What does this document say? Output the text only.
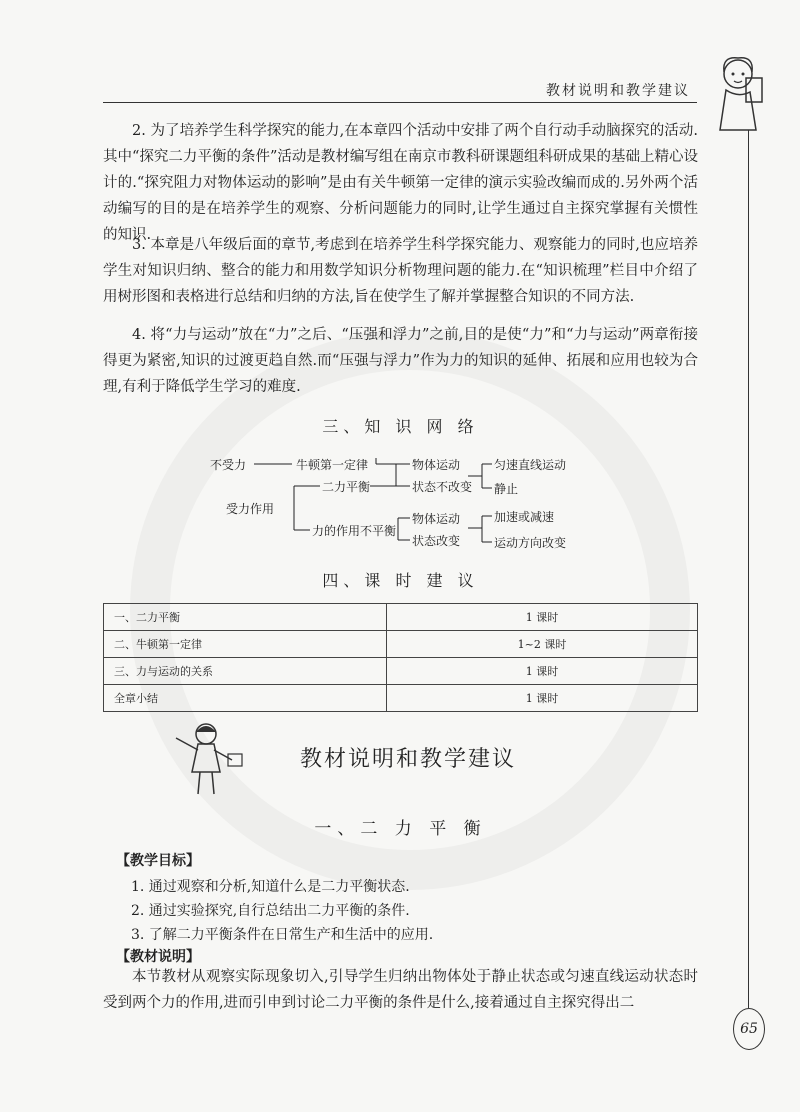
教材说明和教学建议

2. 为了培养学生科学探究的能力,在本章四个活动中安排了两个自行动手动脑探究的活动.其中“探究二力平衡的条件”活动是教材编写组在南京市教科研课题组科研成果的基础上精心设计的.“探究阻力对物体运动的影响”是由有关牛顿第一定律的演示实验改编而成的.另外两个活动编写的目的是在培养学生的观察、分析问题能力的同时,让学生通过自主探究掌握有关惯性的知识.

3. 本章是八年级后面的章节,考虑到在培养学生科学探究能力、观察能力的同时,也应培养学生对知识归纳、整合的能力和用数学知识分析物理问题的能力.在“知识梳理”栏目中介绍了用树形图和表格进行总结和归纳的方法,旨在使学生了解并掌握整合知识的不同方法.

4. 将“力与运动”放在“力”之后、“压强和浮力”之前,目的是使“力”和“力与运动”两章衔接得更为紧密,知识的过渡更趋自然.而“压强与浮力”作为力的知识的延伸、拓展和应用也较为合理,有利于降低学生学习的难度.

三、知 识 网 络
不受力	牛顿第一定律
受力作用
二力平衡
力的作用不平衡
物体运动
状态不改变
匀速直线运动
静止
物体运动
状态改变
加速或减速
运动方向改变
四、课 时 建 议
一、二力平衡	1 课时
二、牛顿第一定律	1~2 课时
三、力与运动的关系	1 课时
全章小结	1 课时
教材说明和教学建议
一、二 力 平 衡
【教学目标】
1. 通过观察和分析,知道什么是二力平衡状态.
2. 通过实验探究,自行总结出二力平衡的条件.
3. 了解二力平衡条件在日常生产和生活中的应用.
【教材说明】

本节教材从观察实际现象切入,引导学生归纳出物体处于静止状态或匀速直线运动状态时受到两个力的作用,进而引申到讨论二力平衡的条件是什么,接着通过自主探究得出二

65
